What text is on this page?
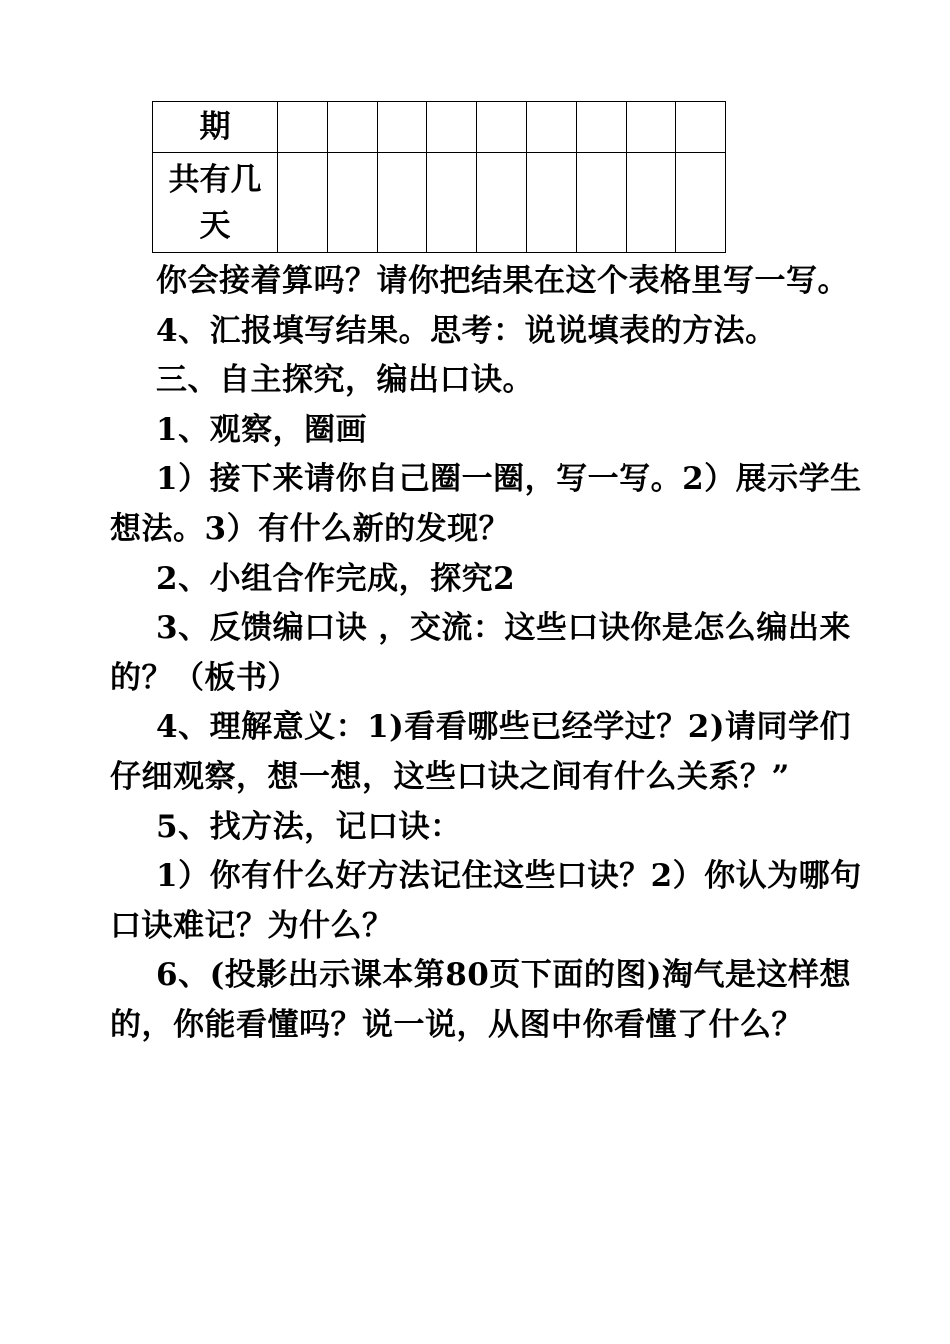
期									
共有几天									

你会接着算吗？请你把结果在这个表格里写一写。

4、汇报填写结果。思考：说说填表的方法。

三、自主探究，编出口诀。

1、观察，圈画

1）接下来请你自己圈一圈，写一写。2）展示学生想法。3）有什么新的发现？

2、小组合作完成，探究2

3、反馈编口诀 ，交流：这些口诀你是怎么编出来的？（板书）

4、理解意义：1)看看哪些已经学过？2)请同学们仔细观察，想一想，这些口诀之间有什么关系？”

5、找方法，记口诀：

1）你有什么好方法记住这些口诀？2）你认为哪句口诀难记？为什么？

6、(投影出示课本第80页下面的图)淘气是这样想的，你能看懂吗？说一说，从图中你看懂了什么？
